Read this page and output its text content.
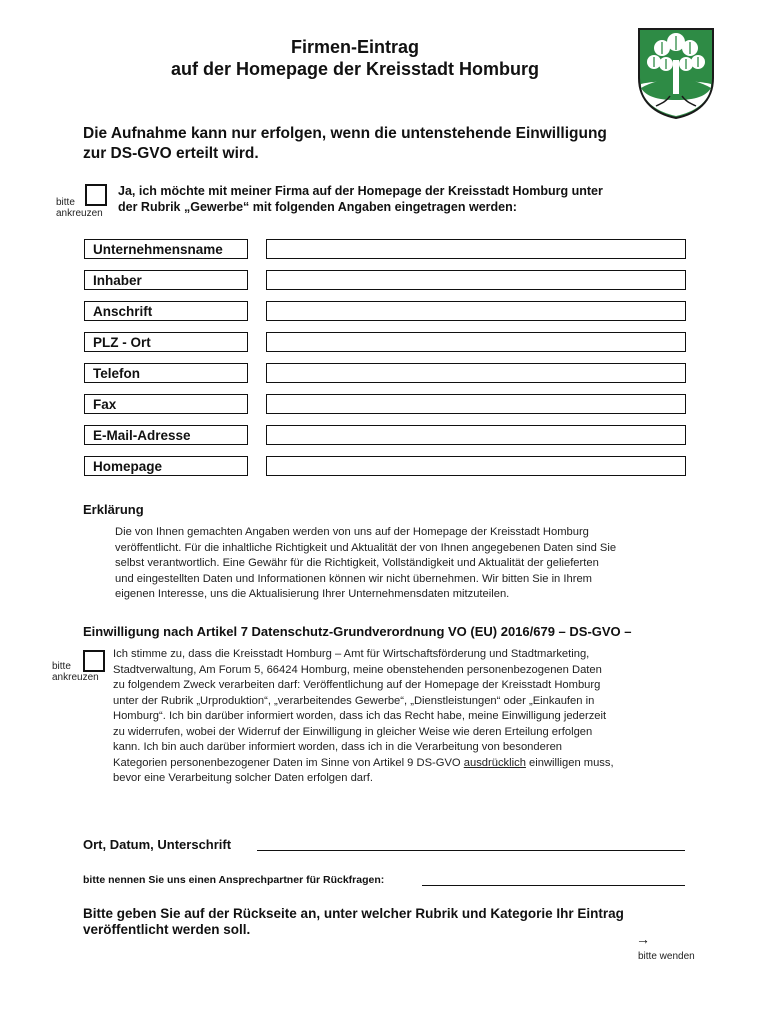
Firmen-Eintrag
auf der Homepage der Kreisstadt Homburg
Die Aufnahme kann nur erfolgen, wenn die untenstehende Einwilligung
zur DS-GVO erteilt wird.
bitte
ankreuzen
Ja, ich möchte mit meiner Firma auf der Homepage der Kreisstadt Homburg unter
der Rubrik „Gewerbe“ mit folgenden Angaben eingetragen werden:
Unternehmensname
Inhaber
Anschrift
PLZ - Ort
Telefon
Fax
E-Mail-Adresse
Homepage
Erklärung
Die von Ihnen gemachten Angaben werden von uns auf der Homepage der Kreisstadt Homburg
veröffentlicht. Für die inhaltliche Richtigkeit und Aktualität der von Ihnen angegebenen Daten sind Sie
selbst verantwortlich. Eine Gewähr für die Richtigkeit, Vollständigkeit und Aktualität der gelieferten
und eingestellten Daten und Informationen können wir nicht übernehmen. Wir bitten Sie in Ihrem
eigenen Interesse, uns die Aktualisierung Ihrer Unternehmensdaten mitzuteilen.
Einwilligung nach Artikel 7 Datenschutz-Grundverordnung VO (EU) 2016/679 – DS-GVO –
bitte
ankreuzen
Ich stimme zu, dass die Kreisstadt Homburg – Amt für Wirtschaftsförderung und Stadtmarketing,
Stadtverwaltung, Am Forum 5, 66424 Homburg, meine obenstehenden personenbezogenen Daten
zu folgendem Zweck verarbeiten darf: Veröffentlichung auf der Homepage der Kreisstadt Homburg
unter der Rubrik „Urproduktion“, „verarbeitendes Gewerbe“, „Dienstleistungen“ oder „Einkaufen in
Homburg“. Ich bin darüber informiert worden, dass ich das Recht habe, meine Einwilligung jederzeit
zu widerrufen, wobei der Widerruf der Einwilligung in gleicher Weise wie deren Erteilung erfolgen
kann. Ich bin auch darüber informiert worden, dass ich in die Verarbeitung von besonderen
Kategorien personenbezogener Daten im Sinne von Artikel 9 DS-GVO ausdrücklich einwilligen muss,
bevor eine Verarbeitung solcher Daten erfolgen darf.
Ort, Datum, Unterschrift
bitte nennen Sie uns einen Ansprechpartner für Rückfragen:
Bitte geben Sie auf der Rückseite an, unter welcher Rubrik und Kategorie Ihr Eintrag
veröffentlicht werden soll.
→
bitte wenden
